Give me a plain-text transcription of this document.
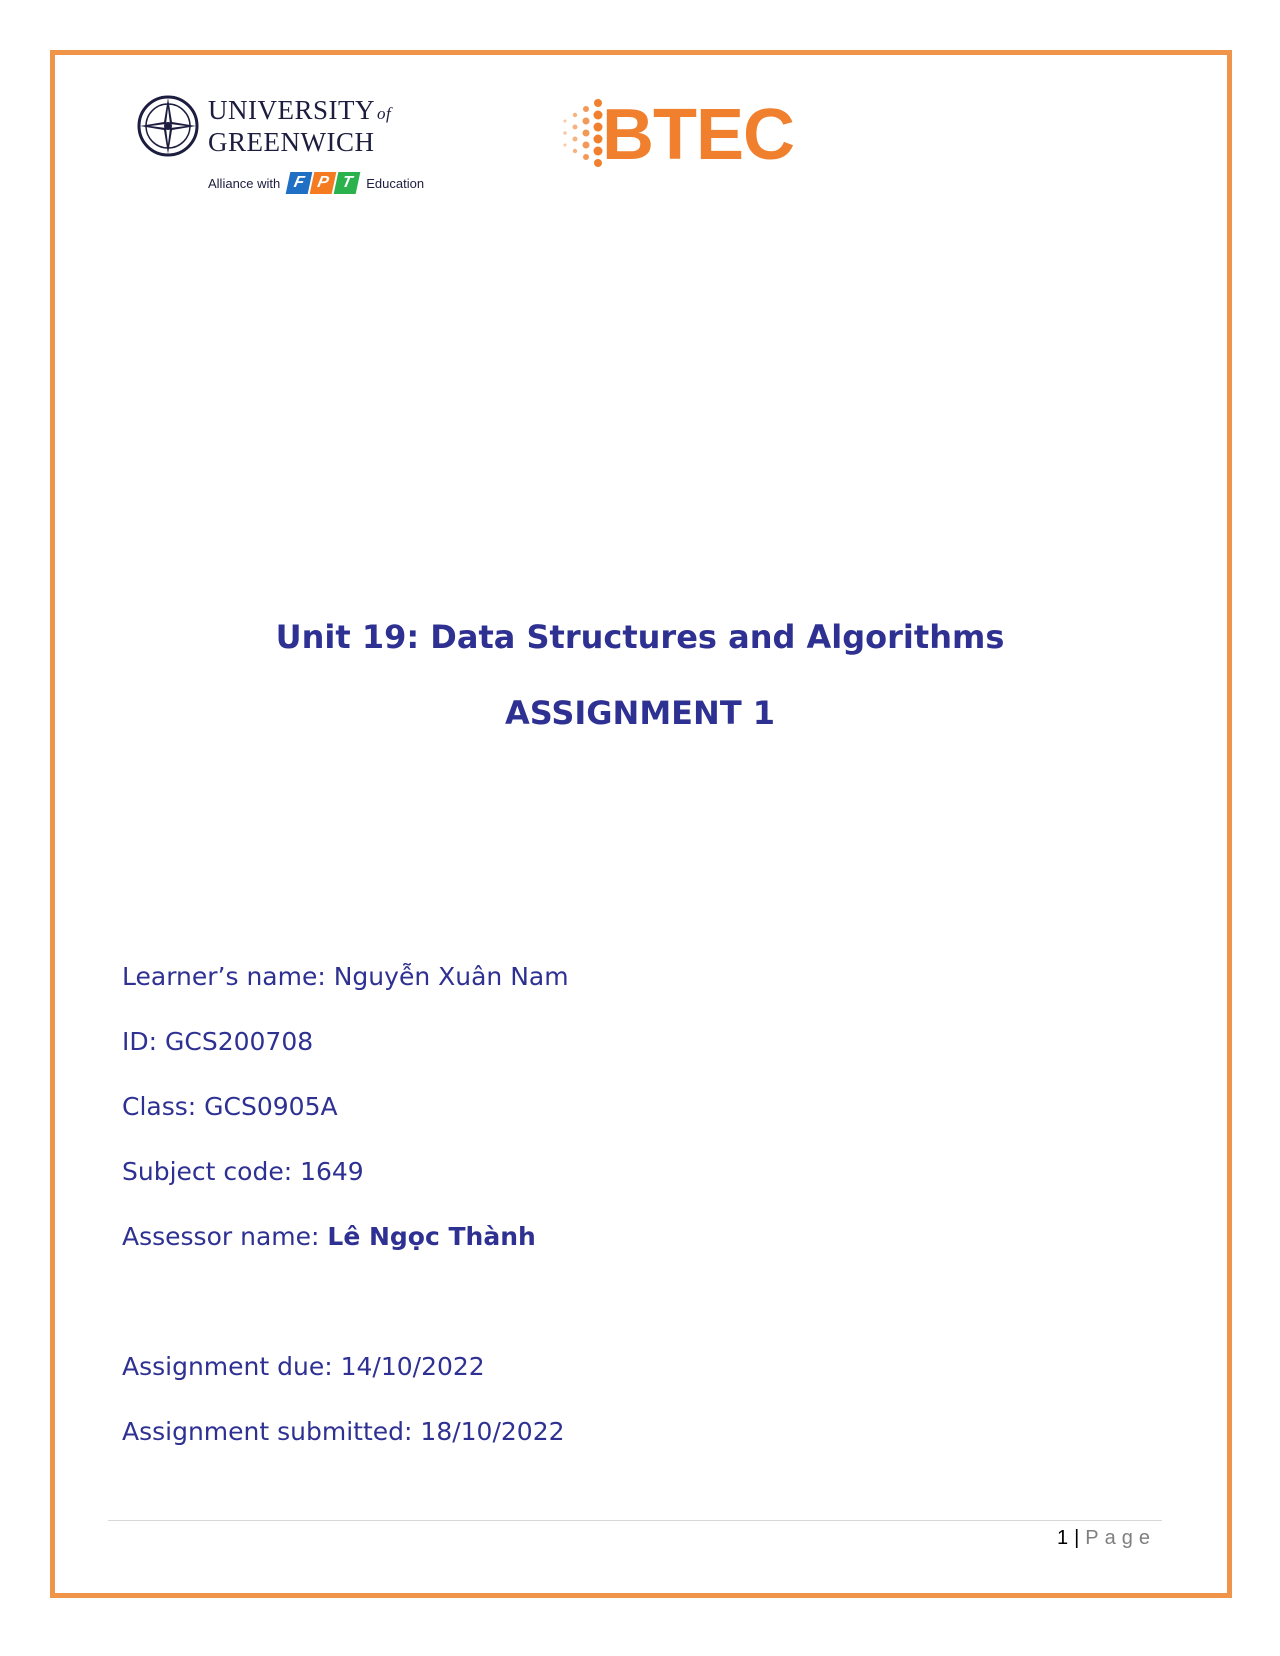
UNIVERSITY of
GREENWICH
Alliance with F P T Education
BTEC
Unit 19: Data Structures and Algorithms
ASSIGNMENT 1
Learner’s name: Nguyễn Xuân Nam
ID: GCS200708
Class: GCS0905A
Subject code: 1649
Assessor name: Lê Ngọc Thành
Assignment due: 14/10/2022
Assignment submitted: 18/10/2022
1 | Page
